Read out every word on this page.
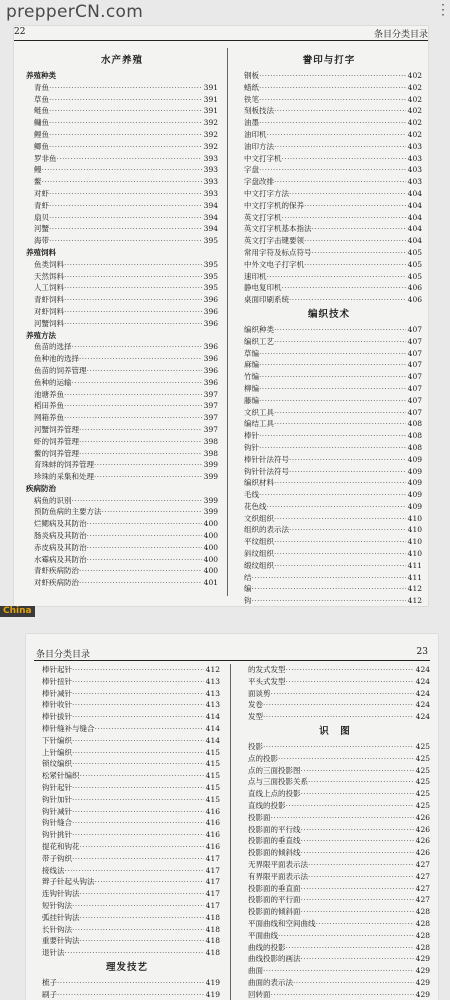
prepperCN.com	⋮
22	条目分类目录
水产养殖
养殖种类
青鱼 ·····	391
草鱼 ·····	391
鲢鱼 ·····	391
鳙鱼 ·····	392
鲤鱼 ·····	392
鲫鱼 ·····	392
罗非鱼 ·····	393
鳗 ·····	393
鳖 ·····	393
对虾 ·····	393
青虾 ·····	394
扇贝 ·····	394
河蟹 ·····	394
海带 ·····	395
养殖饲料
鱼类饲料 ·····	395
天然饵料 ·····	395
人工饲料 ·····	395
青虾饲料 ·····	396
对虾饲料 ·····	396
河蟹饲料 ·····	396
养殖方法
鱼苗的选择 ·····	396
鱼种池的选择 ·····	396
鱼苗的饲养管理 ·····	396
鱼种的运输 ·····	396
池塘养鱼 ·····	397
稻田养鱼 ·····	397
网箱养鱼 ·····	397
河蟹饲养管理 ·····	397
虾的饲养管理 ·····	398
鳖的饲养管理 ·····	398
育珠蚌的饲养管理 ·····	399
珍珠的采集和处理 ·····	399
疾病防治
病鱼的识别 ·····	399
预防鱼病的主要方法 ·····	399
烂鳃病及其防治 ·····	400
肠炎病及其防治 ·····	400
赤皮病及其防治 ·····	400
水霉病及其防治 ·····	400
青虾疾病防治 ·····	400
对虾疾病防治 ·····	401
誊印与打字
钢板 ·····	402
蜡纸 ·····	402
铁笔 ·····	402
刻板技法 ·····	402
油墨 ·····	402
油印机 ·····	402
油印方法 ·····	403
中文打字机 ·····	403
字盘 ·····	403
字盘改排 ·····	403
中文打字方法 ·····	404
中文打字机的保养 ·····	404
英文打字机 ·····	404
英文打字机基本指法 ·····	404
英文打字击键要领 ·····	404
常用字符及标点符号 ·····	405
中外文电子打字机 ·····	405
速印机 ·····	405
静电复印机 ·····	406
桌面印刷系统 ·····	406
编织技术
编织种类 ·····	407
编织工艺 ·····	407
草编 ·····	407
麻编 ·····	407
竹编 ·····	407
柳编 ·····	407
藤编 ·····	407
文织工具 ·····	407
编结工具 ·····	408
棒针 ·····	408
钩针 ·····	408
棒针针法符号 ·····	409
钩针针法符号 ·····	409
编织材料 ·····	409
毛线 ·····	409
花色线 ·····	409
文织组织 ·····	410
组织的表示法 ·····	410
平纹组织 ·····	410
斜纹组织 ·····	410
缎纹组织 ·····	411
结 ·····	411
编 ·····	412
钩 ·····	412
China
条目分类目录	23
棒针起针 ·····	412
棒针扭针 ·····	413
棒针减针 ·····	413
棒针收针 ·····	413
棒针拔针 ·····	414
棒针缝补与缝合 ·····	414
下针编织 ·····	414
上针编织 ·····	415
锁纹编织 ·····	415
松紧针编织 ·····	415
钩针起针 ·····	415
钩针加针 ·····	415
钩针减针 ·····	416
钩针缝合 ·····	416
钩针挑针 ·····	416
提花和钩花 ·····	416
带子钩织 ·····	417
接线法 ·····	417
辫子针起头钩法 ·····	417
连钩针钩法 ·····	417
短针钩法 ·····	417
弧挂针钩法 ·····	418
长针钩法 ·····	418
重要针钩法 ·····	418
退针法 ·····	418
理发技艺
梳子 ·····	419
刷子 ·····	419
的发式发型 ·····	424
平头式发型 ·····	424
面谈剪 ·····	424
发卷 ·····	424
发型 ·····	424
识　图
投影 ·····	425
点的投影 ·····	425
点的三面投影图 ·····	425
点与三面投影关系 ·····	425
直线上点的投影 ·····	425
直线的投影 ·····	425
投影面 ·····	426
投影面的平行线 ·····	426
投影面的垂直线 ·····	426
投影面的倾斜线 ·····	426
无界限平面表示法 ·····	427
有界限平面表示法 ·····	427
投影面的垂直面 ·····	427
投影面的平行面 ·····	427
投影面的倾斜面 ·····	428
平面曲线和空间曲线 ·····	428
平面曲线 ·····	428
曲线的投影 ·····	428
曲线投影的画法 ·····	429
曲面 ·····	429
曲面的表示法 ·····	429
回转面 ·····	429
